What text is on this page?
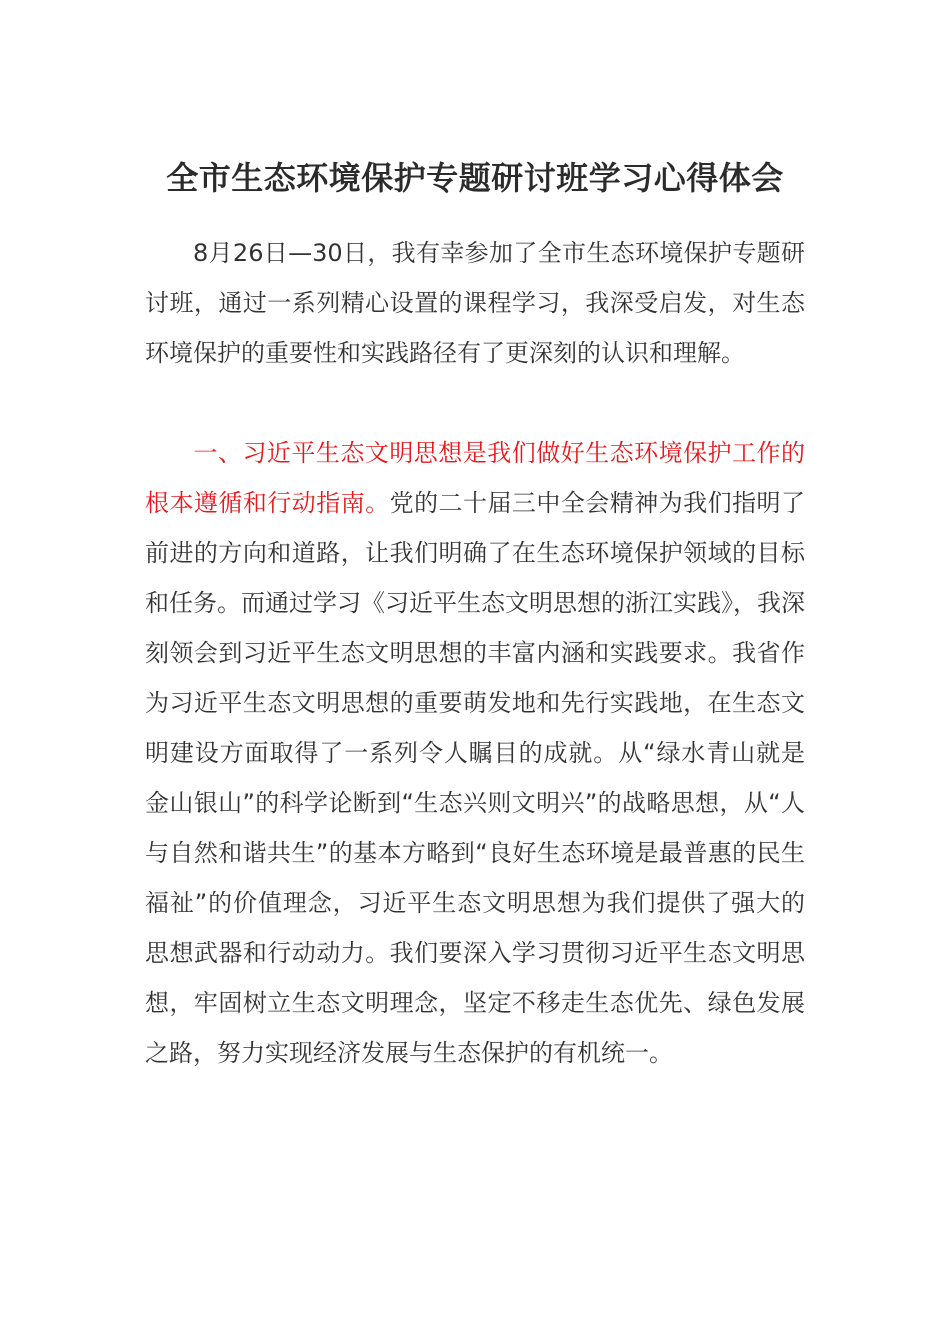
全市生态环境保护专题研讨班学习心得体会

8月26日—30日，我有幸参加了全市生态环境保护专题研讨班，通过一系列精心设置的课程学习，我深受启发，对生态环境保护的重要性和实践路径有了更深刻的认识和理解。

一、习近平生态文明思想是我们做好生态环境保护工作的根本遵循和行动指南。党的二十届三中全会精神为我们指明了前进的方向和道路，让我们明确了在生态环境保护领域的目标和任务。而通过学习《习近平生态文明思想的浙江实践》，我深刻领会到习近平生态文明思想的丰富内涵和实践要求。我省作为习近平生态文明思想的重要萌发地和先行实践地，在生态文明建设方面取得了一系列令人瞩目的成就。从“绿水青山就是金山银山”的科学论断到“生态兴则文明兴”的战略思想，从“人与自然和谐共生”的基本方略到“良好生态环境是最普惠的民生福祉”的价值理念，习近平生态文明思想为我们提供了强大的思想武器和行动动力。我们要深入学习贯彻习近平生态文明思想，牢固树立生态文明理念，坚定不移走生态优先、绿色发展之路，努力实现经济发展与生态保护的有机统一。
